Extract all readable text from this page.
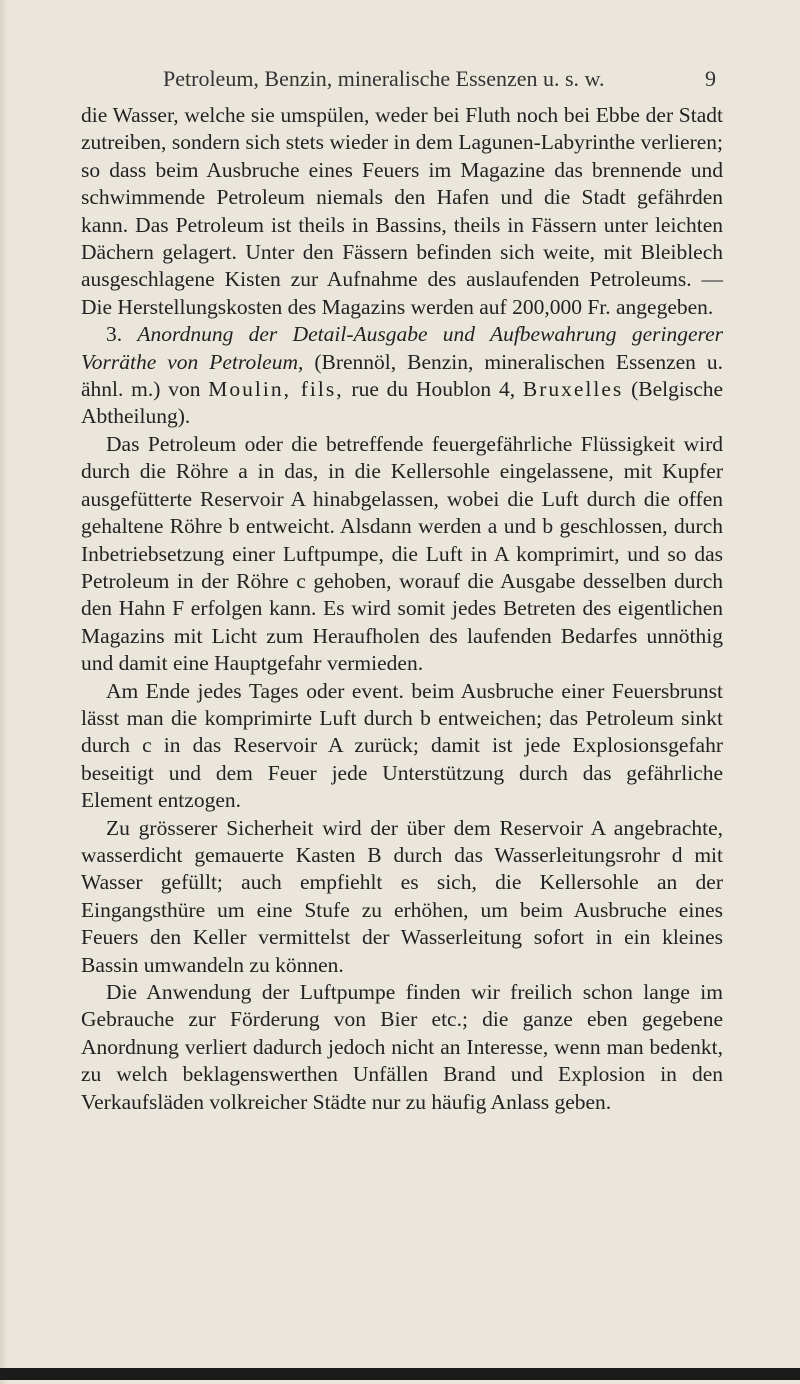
Petroleum, Benzin, mineralische Essenzen u. s. w.	9

die Wasser, welche sie umspülen, weder bei Fluth noch bei Ebbe der Stadt zutreiben, sondern sich stets wieder in dem Lagunen-Labyrinthe verlieren; so dass beim Ausbruche eines Feuers im Magazine das brennende und schwimmende Petroleum niemals den Hafen und die Stadt gefährden kann. Das Petroleum ist theils in Bassins, theils in Fässern unter leichten Dächern gelagert. Unter den Fässern befinden sich weite, mit Bleiblech ausgeschlagene Kisten zur Aufnahme des auslaufenden Petroleums. — Die Herstellungskosten des Magazins werden auf 200,000 Fr. angegeben.

3. Anordnung der Detail-Ausgabe und Aufbewahrung geringerer Vorräthe von Petroleum, (Brennöl, Benzin, mineralischen Essenzen u. ähnl. m.) von Moulin, fils, rue du Houblon 4, Bruxelles (Belgische Abtheilung).

Das Petroleum oder die betreffende feuergefährliche Flüssigkeit wird durch die Röhre a in das, in die Kellersohle eingelassene, mit Kupfer ausgefütterte Reservoir A hinabgelassen, wobei die Luft durch die offen gehaltene Röhre b entweicht. Alsdann werden a und b geschlossen, durch Inbetriebsetzung einer Luftpumpe, die Luft in A komprimirt, und so das Petroleum in der Röhre c gehoben, worauf die Ausgabe desselben durch den Hahn F erfolgen kann. Es wird somit jedes Betreten des eigentlichen Magazins mit Licht zum Heraufholen des laufenden Bedarfes unnöthig und damit eine Hauptgefahr vermieden.

Am Ende jedes Tages oder event. beim Ausbruche einer Feuersbrunst lässt man die komprimirte Luft durch b entweichen; das Petroleum sinkt durch c in das Reservoir A zurück; damit ist jede Explosionsgefahr beseitigt und dem Feuer jede Unterstützung durch das gefährliche Element entzogen.

Zu grösserer Sicherheit wird der über dem Reservoir A angebrachte, wasserdicht gemauerte Kasten B durch das Wasserleitungsrohr d mit Wasser gefüllt; auch empfiehlt es sich, die Kellersohle an der Eingangsthüre um eine Stufe zu erhöhen, um beim Ausbruche eines Feuers den Keller vermittelst der Wasserleitung sofort in ein kleines Bassin umwandeln zu können.

Die Anwendung der Luftpumpe finden wir freilich schon lange im Gebrauche zur Förderung von Bier etc.; die ganze eben gegebene Anordnung verliert dadurch jedoch nicht an Interesse, wenn man bedenkt, zu welch beklagenswerthen Unfällen Brand und Explosion in den Verkaufsläden volkreicher Städte nur zu häufig Anlass geben.
